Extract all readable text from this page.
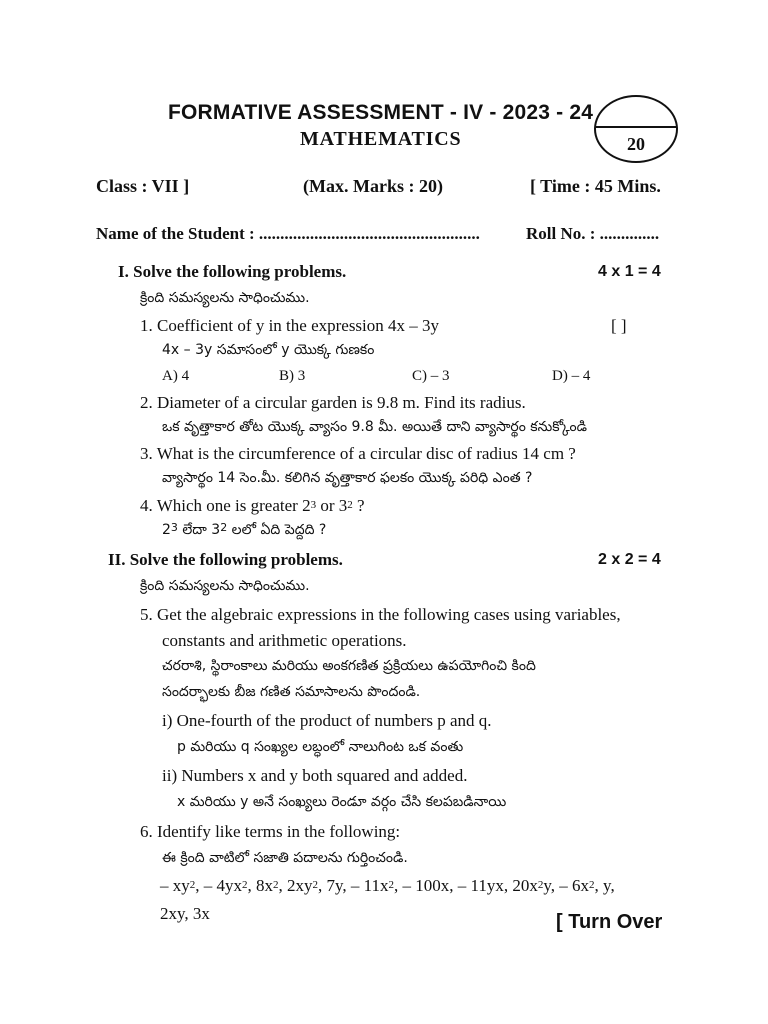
FORMATIVE ASSESSMENT - IV - 2023 - 24
MATHEMATICS	20
Class : VII ]	(Max. Marks : 20)	[ Time : 45 Mins.
Name of the Student : ....................................................	Roll No. : ..............
I. Solve the following problems.	4 x 1 = 4
క్రింది సమస్యలను సాధించుము.
1. Coefficient of y in the expression 4x – 3y	[ ]
4x – 3y సమాసంలో y యొక్క గుణకం
A) 4	B) 3	C) – 3	D) – 4
2. Diameter of a circular garden is 9.8 m. Find its radius.
ఒక వృత్తాకార తోట యొక్క వ్యాసం 9.8 మీ. అయితే దాని వ్యాసార్థం కనుక్కోండి
3. What is the circumference of a circular disc of radius 14 cm ?
వ్యాసార్థం 14 సెం.మీ. కలిగిన వృత్తాకార ఫలకం యొక్క పరిధి ఎంత ?
4. Which one is greater $2^3$ or $3^2$ ?
$2^3$ లేదా $3^2$ లలో ఏది పెద్దది ?
II. Solve the following problems.	2 x 2 = 4
క్రింది సమస్యలను సాధించుము.
5. Get the algebraic expressions in the following cases using variables,
constants and arithmetic operations.
చరరాశి, స్థిరాంకాలు మరియు అంకగణిత ప్రక్రియలు ఉపయోగించి కింది
సందర్భాలకు బీజ గణిత సమాసాలను పొందండి.
i) One-fourth of the product of numbers p and q.
p మరియు q సంఖ్యల లబ్ధంలో నాలుగింట ఒక వంతు
ii) Numbers x and y both squared and added.
x మరియు y అనే సంఖ్యలు రెండూ వర్గం చేసి కలపబడినాయి
6. Identify like terms in the following:
ఈ క్రింది వాటిలో సజాతి పదాలను గుర్తించండి.
– $xy^2$, – $4yx^2$, $8x^2$, $2xy^2$, 7y, – $11x^2$, – 100x, – 11yx, $20x^2y$, – $6x^2$, y,
2xy, 3x	[ Turn Over
